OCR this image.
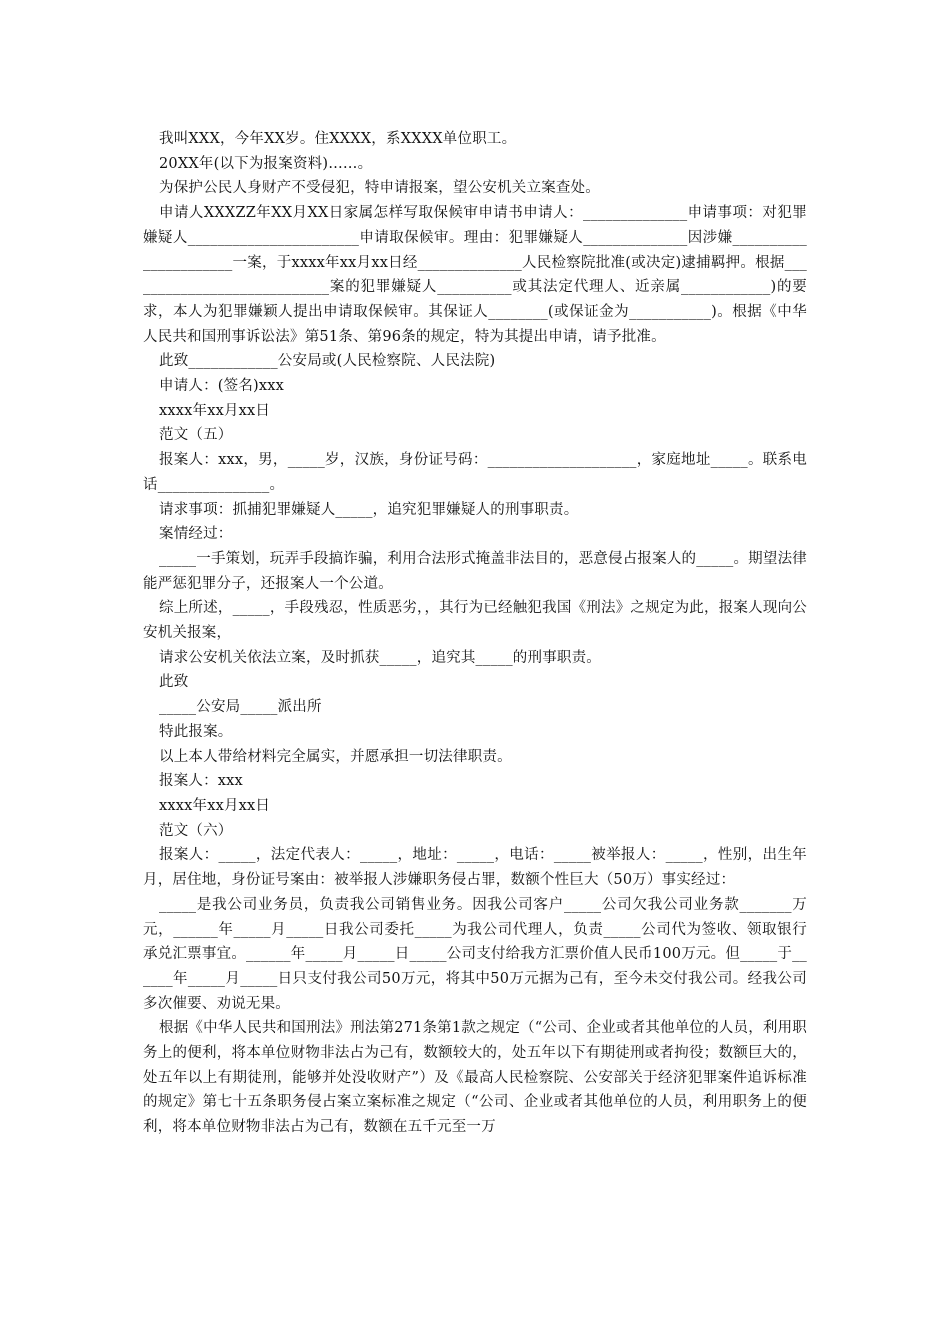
我叫XXX，今年XX岁。住XXXX，系XXXX单位职工。

20XX年(以下为报案资料)……。

为保护公民人身财产不受侵犯，特申请报案，望公安机关立案查处。

申请人XXXZZ年XX月XX日家属怎样写取保候审申请书申请人：______________申请事项：对犯罪嫌疑人_______________________申请取保候审。理由：犯罪嫌疑人______________因涉嫌______________________一案，于xxxx年xx月xx日经______________人民检察院批准(或决定)逮捕羁押。根据____________________________案的犯罪嫌疑人__________或其法定代理人、近亲属____________)的要求，本人为犯罪嫌颖人提出申请取保候审。其保证人________(或保证金为___________)。根据《中华人民共和国刑事诉讼法》第51条、第96条的规定，特为其提出申请，请予批准。

此致____________公安局或(人民检察院、人民法院)

申请人：(签名)xxx

xxxx年xx月xx日

范文（五）

报案人：xxx，男，_____岁，汉族，身份证号码：____________________，家庭地址_____。联系电话_______________。

请求事项：抓捕犯罪嫌疑人_____，追究犯罪嫌疑人的刑事职责。

案情经过：

_____一手策划，玩弄手段搞诈骗，利用合法形式掩盖非法目的，恶意侵占报案人的_____。期望法律能严惩犯罪分子，还报案人一个公道。

综上所述，_____，手段残忍，性质恶劣，，其行为已经触犯我国《刑法》之规定为此，报案人现向公安机关报案，

请求公安机关依法立案，及时抓获_____，追究其_____的刑事职责。

此致

_____公安局_____派出所

特此报案。

以上本人带给材料完全属实，并愿承担一切法律职责。

报案人：xxx

xxxx年xx月xx日

范文（六）

报案人：_____，法定代表人：_____，地址：_____，电话：_____被举报人：_____，性别，出生年月，居住地，身份证号案由：被举报人涉嫌职务侵占罪，数额个性巨大（50万）事实经过：

_____是我公司业务员，负责我公司销售业务。因我公司客户_____公司欠我公司业务款_______万元，______年_____月_____日我公司委托_____为我公司代理人，负责_____公司代为签收、领取银行承兑汇票事宜。______年_____月_____日_____公司支付给我方汇票价值人民币100万元。但_____于______年_____月_____日只支付我公司50万元，将其中50万元据为己有，至今未交付我公司。经我公司多次催要、劝说无果。

根据《中华人民共和国刑法》刑法第271条第1款之规定（“公司、企业或者其他单位的人员，利用职务上的便利，将本单位财物非法占为己有，数额较大的，处五年以下有期徒刑或者拘役；数额巨大的，处五年以上有期徒刑，能够并处没收财产”）及《最高人民检察院、公安部关于经济犯罪案件追诉标准的规定》第七十五条职务侵占案立案标准之规定（“公司、企业或者其他单位的人员，利用职务上的便利，将本单位财物非法占为己有，数额在五千元至一万
